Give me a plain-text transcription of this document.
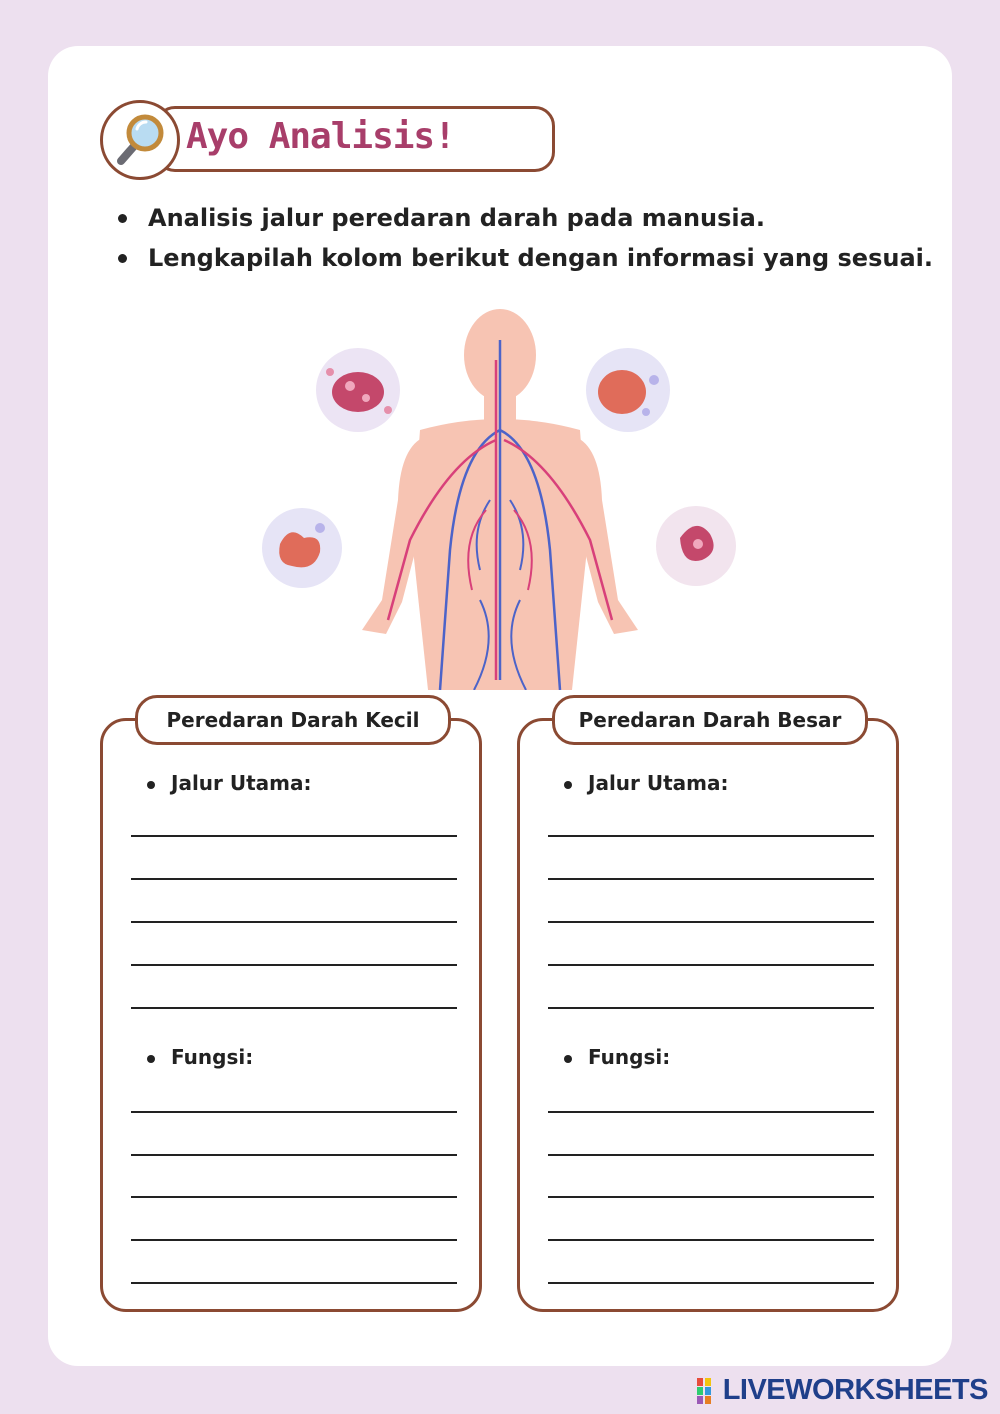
Ayo Analisis!
Analisis jalur peredaran darah pada manusia.
Lengkapilah kolom berikut dengan informasi yang sesuai.
Peredaran Darah Kecil
Jalur Utama:
Fungsi:
Peredaran Darah Besar
Jalur Utama:
Fungsi:
LIVEWORKSHEETS
